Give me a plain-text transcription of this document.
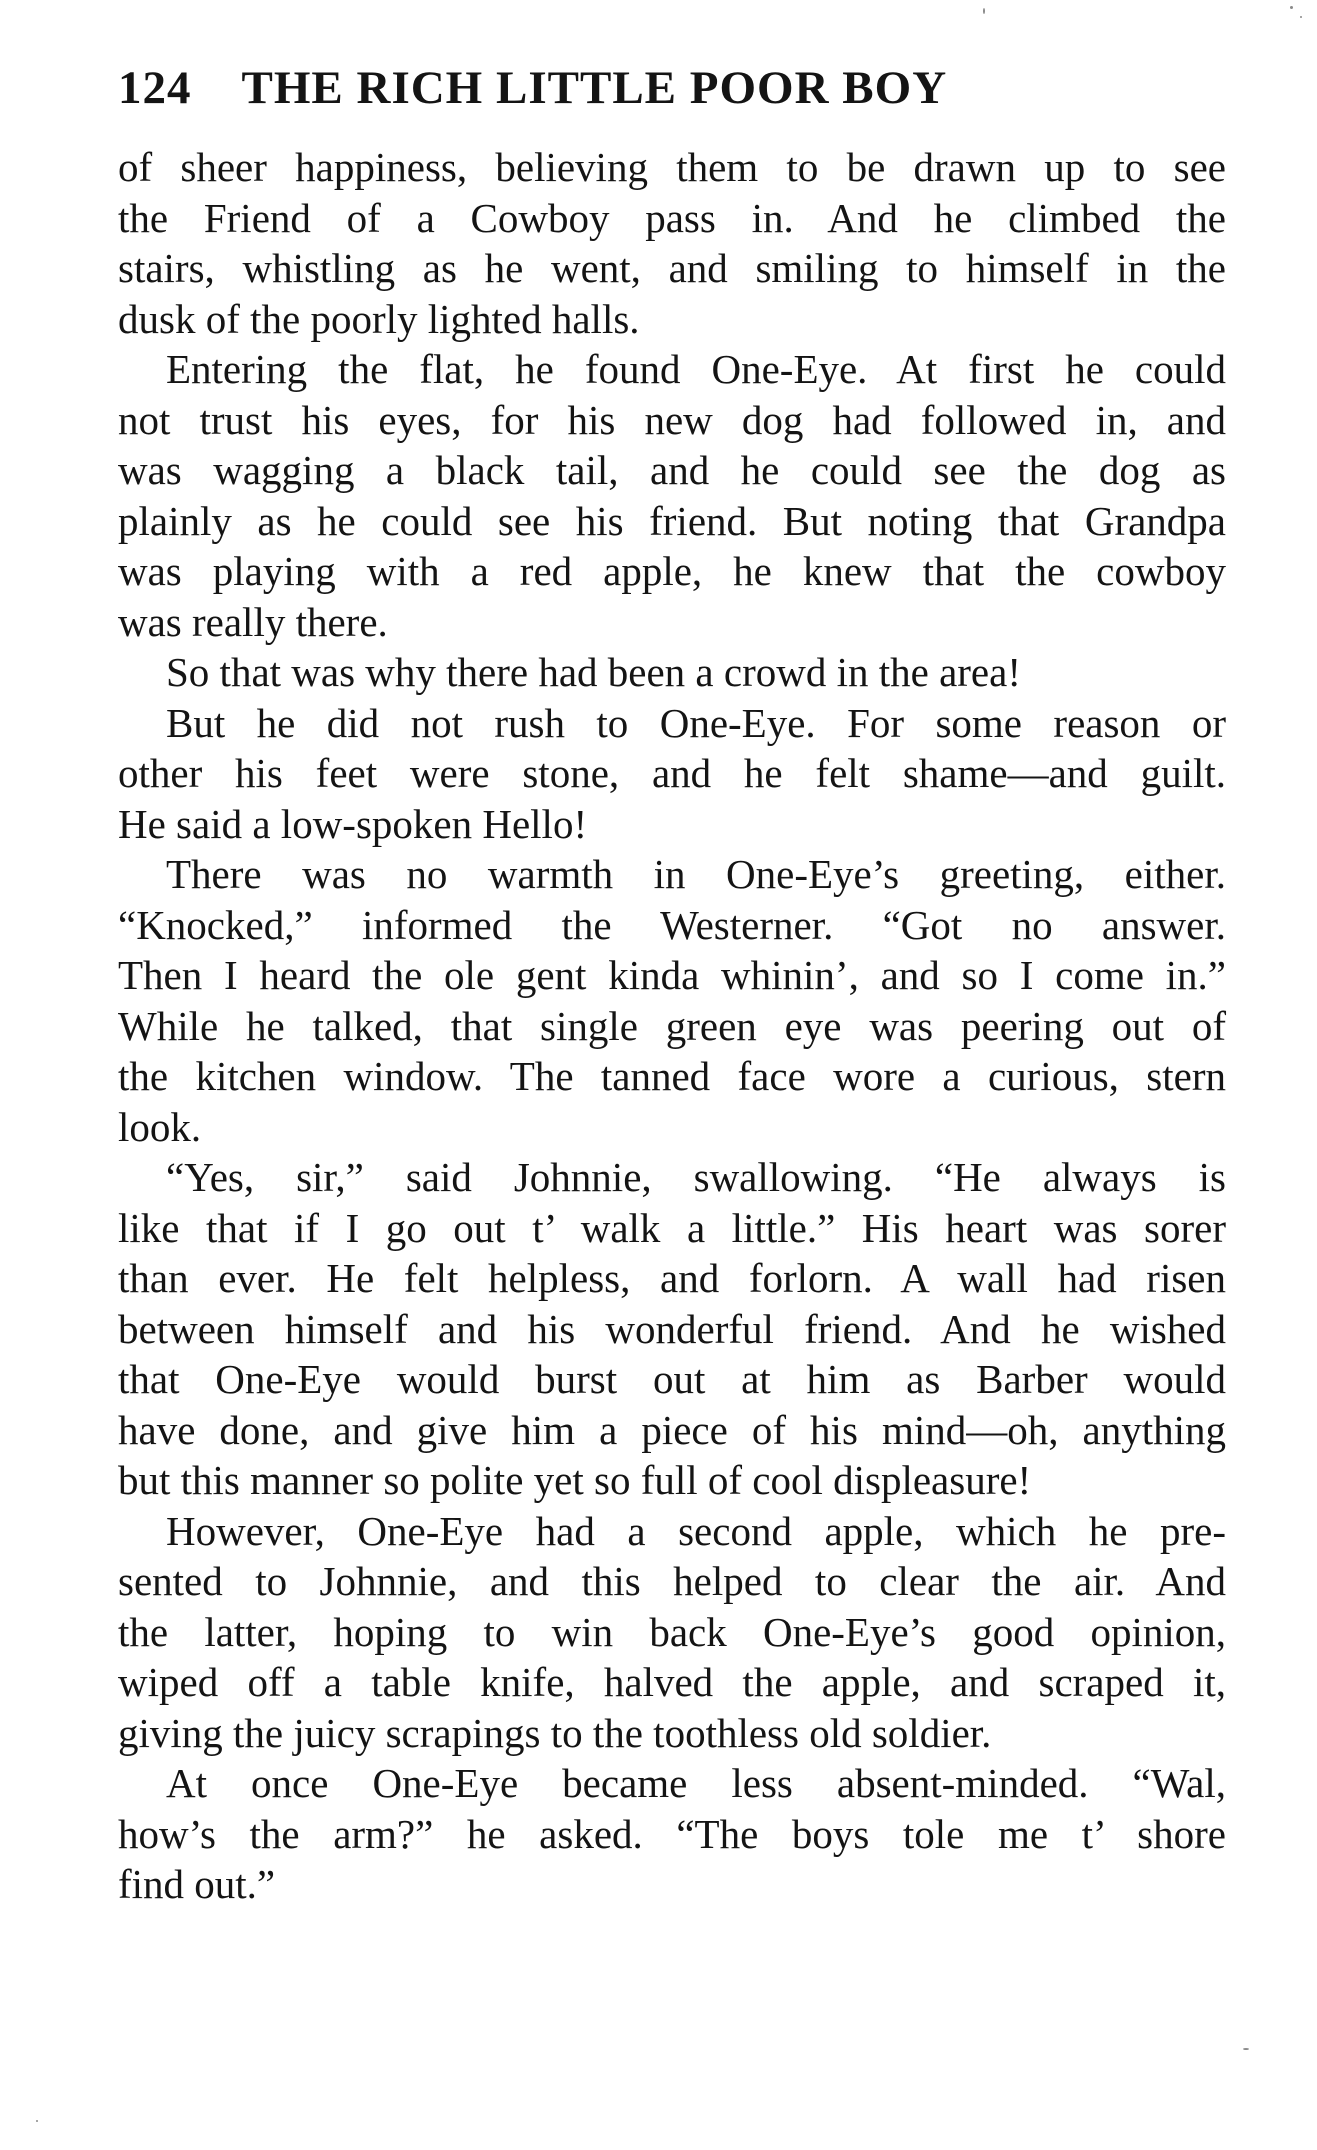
124 THE RICH LITTLE POOR BOY
of sheer happiness, believing them to be drawn up to see
the Friend of a Cowboy pass in. And he climbed the
stairs, whistling as he went, and smiling to himself in the
dusk of the poorly lighted halls.
Entering the flat, he found One-Eye. At first he could
not trust his eyes, for his new dog had followed in, and
was wagging a black tail, and he could see the dog as
plainly as he could see his friend. But noting that Grandpa
was playing with a red apple, he knew that the cowboy
was really there.
So that was why there had been a crowd in the area!
But he did not rush to One-Eye. For some reason or
other his feet were stone, and he felt shame—and guilt.
He said a low-spoken Hello!
There was no warmth in One-Eye’s greeting, either.
“Knocked,” informed the Westerner. “Got no answer.
Then I heard the ole gent kinda whinin’, and so I come in.”
While he talked, that single green eye was peering out of
the kitchen window. The tanned face wore a curious, stern
look.
“Yes, sir,” said Johnnie, swallowing. “He always is
like that if I go out t’ walk a little.” His heart was sorer
than ever. He felt helpless, and forlorn. A wall had risen
between himself and his wonderful friend. And he wished
that One-Eye would burst out at him as Barber would
have done, and give him a piece of his mind—oh, anything
but this manner so polite yet so full of cool displeasure!
However, One-Eye had a second apple, which he pre-
sented to Johnnie, and this helped to clear the air. And
the latter, hoping to win back One-Eye’s good opinion,
wiped off a table knife, halved the apple, and scraped it,
giving the juicy scrapings to the toothless old soldier.
At once One-Eye became less absent-minded. “Wal,
how’s the arm?” he asked. “The boys tole me t’ shore
find out.”
